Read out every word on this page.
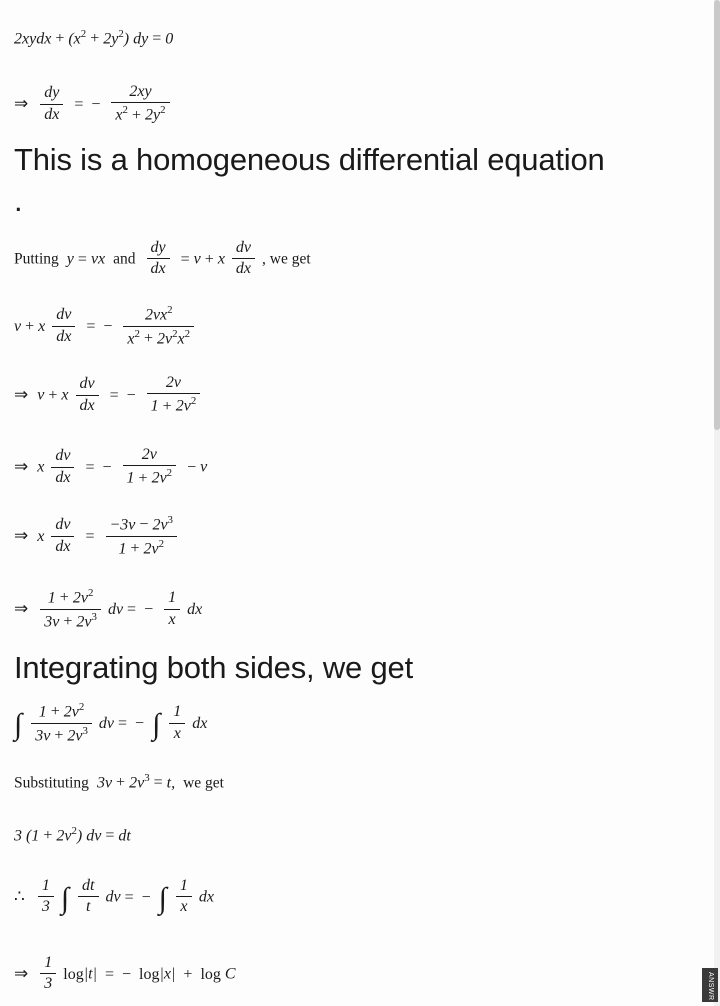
2xydx + $(x^2 + 2y^2)$ dy = 0
⇒ $\frac{dy}{dx}$ = − $\frac{2xy}{x^2 + 2y^2}$
This is a homogeneous differential equation .
Putting y = vx and $\frac{dy}{dx} = v + x \frac{dv}{dx}$ , we get
v + x $\frac{dv}{dx}$ = − $\frac{2vx^2}{x^2 + 2v^2x^2}$
⇒ v + x $\frac{dv}{dx}$ = − $\frac{2v}{1 + 2v^2}$
⇒ x $\frac{dv}{dx}$ = − $\frac{2v}{1 + 2v^2} - v$
⇒ x $\frac{dv}{dx} = \frac{-3v - 2v^3}{1 + 2v^2}$
⇒ $\frac{1 + 2v^2}{3v + 2v^3}$ dv = − $\frac{1}{x}$ dx
Integrating both sides, we get
∫ $\frac{1 + 2v^2}{3v + 2v^3}$ dv = − ∫ $\frac{1}{x}$ dx
Substituting  $3v + 2v^3 = t$,  we get
3 $(1 + 2v^2)$ dv = dt
∴ $\frac{1}{3}$ ∫ $\frac{dt}{t}$ dv = − ∫ $\frac{1}{x}$ dx
⇒ $\frac{1}{3} \log|t|$ = − log|x| + log C	ANSWR
